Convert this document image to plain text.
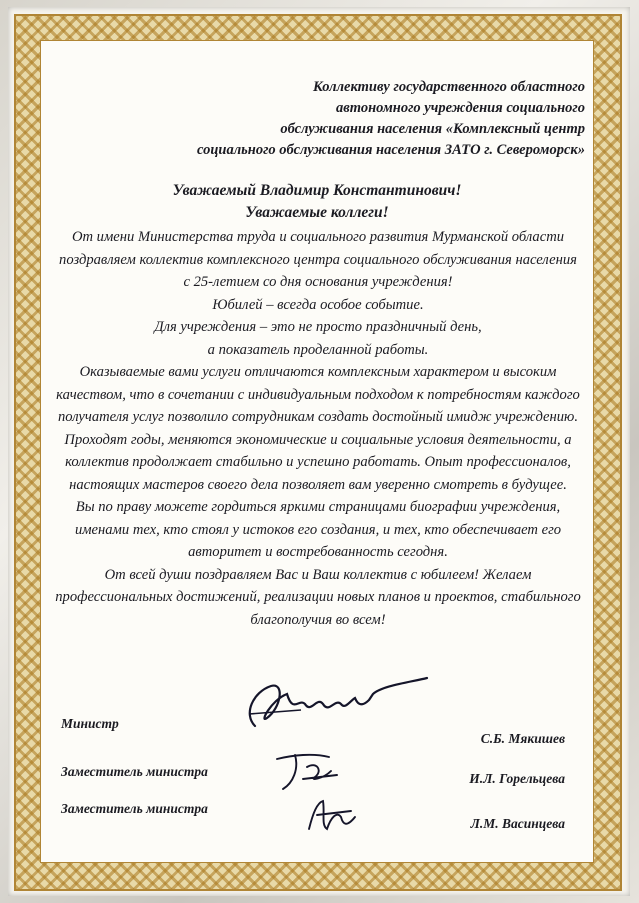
Коллективу государственного областного
автономного учреждения социального
обслуживания населения «Комплексный центр
социального обслуживания населения ЗАТО г. Североморск»
Уважаемый Владимир Константинович!
Уважаемые коллеги!

От имени Министерства труда и социального развития Мурманской области поздравляем коллектив комплексного центра социального обслуживания населения с 25-летием со дня основания учреждения!

Юбилей – всегда особое событие.

Для учреждения – это не просто праздничный день,

а показатель проделанной работы.

Оказываемые вами услуги отличаются комплексным характером и высоким качеством, что в сочетании с индивидуальным подходом к потребностям каждого получателя услуг позволило сотрудникам создать достойный имидж учреждению.

Проходят годы, меняются экономические и социальные условия деятельности, а коллектив продолжает стабильно и успешно работать. Опыт профессионалов, настоящих мастеров своего дела позволяет вам уверенно смотреть в будущее.

Вы по праву можете гордиться яркими страницами биографии учреждения, именами тех, кто стоял у истоков его создания, и тех, кто обеспечивает его авторитет и востребованность сегодня.

От всей души поздравляем Вас и Ваш коллектив с юбилеем! Желаем профессиональных достижений, реализации новых планов и проектов, стабильного благополучия во всем!

Министр
С.Б. Мякишев
Заместитель министра	И.Л. Горельцева
Заместитель министра
Л.М. Васинцева
